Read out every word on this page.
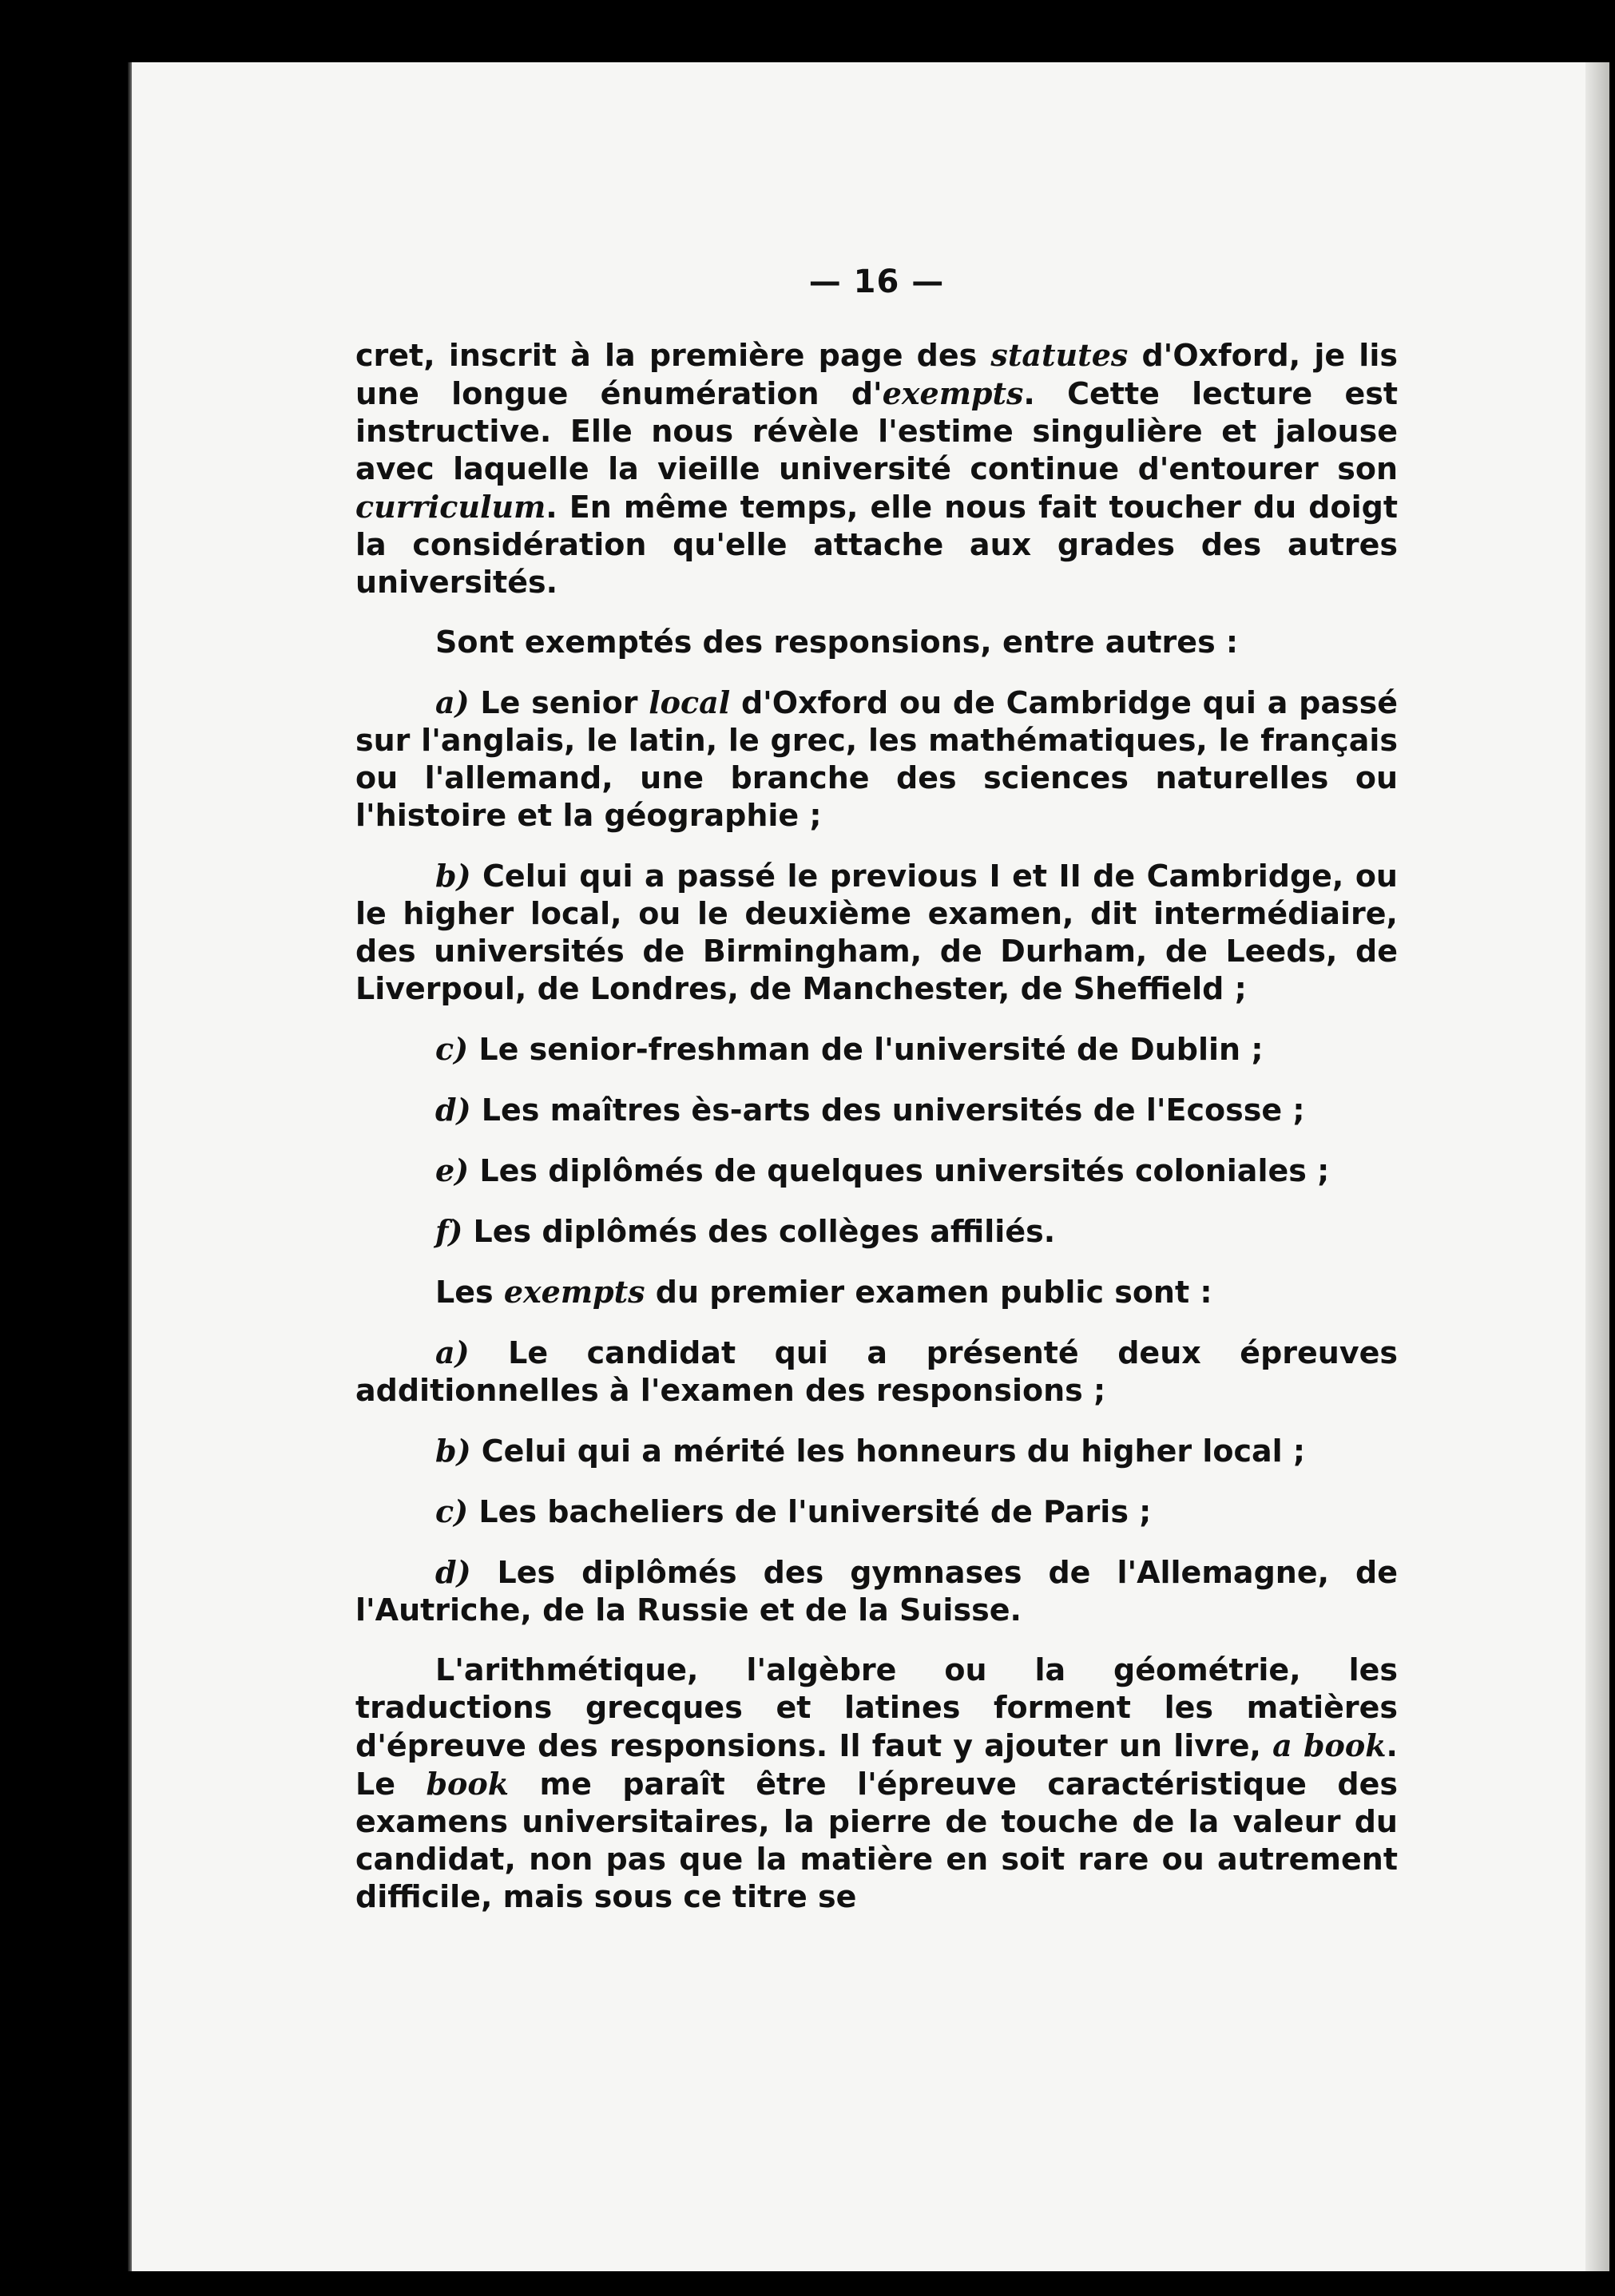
— 16 —

cret, inscrit à la première page des statutes d'Oxford, je lis une longue énumération d'exempts. Cette lecture est instructive. Elle nous révèle l'estime singulière et jalouse avec laquelle la vieille université continue d'entourer son curriculum. En même temps, elle nous fait toucher du doigt la considération qu'elle attache aux grades des autres universités.

Sont exemptés des responsions, entre autres :

a) Le senior local d'Oxford ou de Cambridge qui a passé sur l'anglais, le latin, le grec, les mathématiques, le français ou l'allemand, une branche des sciences naturelles ou l'histoire et la géographie ;

b) Celui qui a passé le previous I et II de Cambridge, ou le higher local, ou le deuxième examen, dit intermédiaire, des universités de Birmingham, de Durham, de Leeds, de Liverpoul, de Londres, de Manchester, de Sheffield ;

c) Le senior-freshman de l'université de Dublin ;

d) Les maîtres ès-arts des universités de l'Ecosse ;

e) Les diplômés de quelques universités coloniales ;

f) Les diplômés des collèges affiliés.

Les exempts du premier examen public sont :

a) Le candidat qui a présenté deux épreuves additionnelles à l'examen des responsions ;

b) Celui qui a mérité les honneurs du higher local ;

c) Les bacheliers de l'université de Paris ;

d) Les diplômés des gymnases de l'Allemagne, de l'Autriche, de la Russie et de la Suisse.

L'arithmétique, l'algèbre ou la géométrie, les traductions grecques et latines forment les matières d'épreuve des responsions. Il faut y ajouter un livre, a book. Le book me paraît être l'épreuve caractéristique des examens universitaires, la pierre de touche de la valeur du candidat, non pas que la matière en soit rare ou autrement difficile, mais sous ce titre se
